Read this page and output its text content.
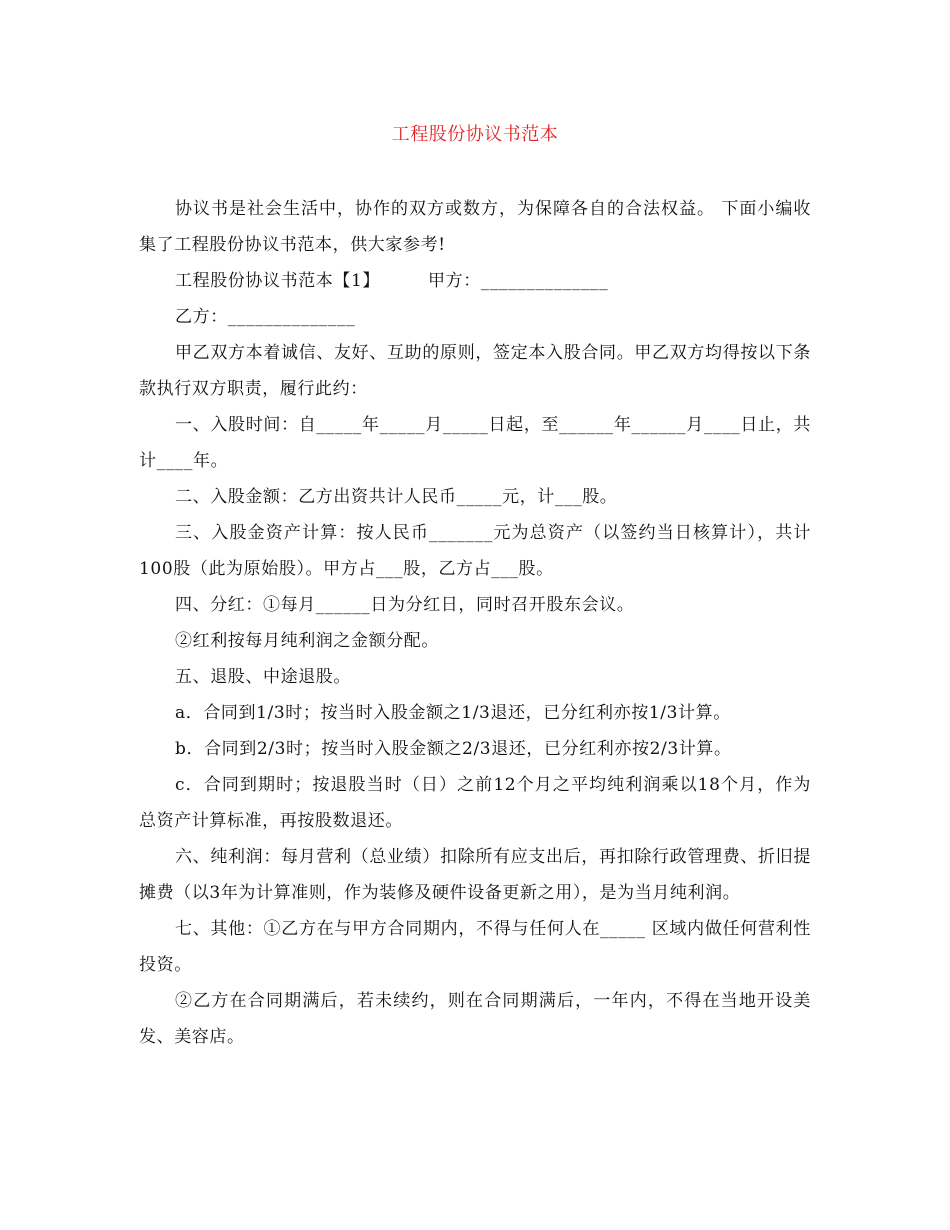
工程股份协议书范本

协议书是社会生活中，协作的双方或数方，为保障各自的合法权益。 下面小编收集了工程股份协议书范本，供大家参考!

工程股份协议书范本【1】        甲方：______________

乙方：______________

甲乙双方本着诚信、友好、互助的原则，签定本入股合同。甲乙双方均得按以下条款执行双方职责，履行此约：

一、入股时间：自_____年_____月_____日起，至______年______月____日止，共计____年。

二、入股金额：乙方出资共计人民币_____元，计___股。

三、入股金资产计算：按人民币_______元为总资产（以签约当日核算计），共计100股（此为原始股）。甲方占___股，乙方占___股。

四、分红：①每月______日为分红日，同时召开股东会议。

②红利按每月纯利润之金额分配。

五、退股、中途退股。

a．合同到1/3时；按当时入股金额之1/3退还，已分红利亦按1/3计算。

b．合同到2/3时；按当时入股金额之2/3退还，已分红利亦按2/3计算。

c．合同到期时；按退股当时（日）之前12个月之平均纯利润乘以18个月，作为总资产计算标准，再按股数退还。

六、纯利润：每月营利（总业绩）扣除所有应支出后，再扣除行政管理费、折旧提摊费（以3年为计算准则，作为装修及硬件设备更新之用），是为当月纯利润。

七、其他：①乙方在与甲方合同期内，不得与任何人在_____ 区域内做任何营利性投资。

②乙方在合同期满后，若未续约，则在合同期满后，一年内，不得在当地开设美发、美容店。
